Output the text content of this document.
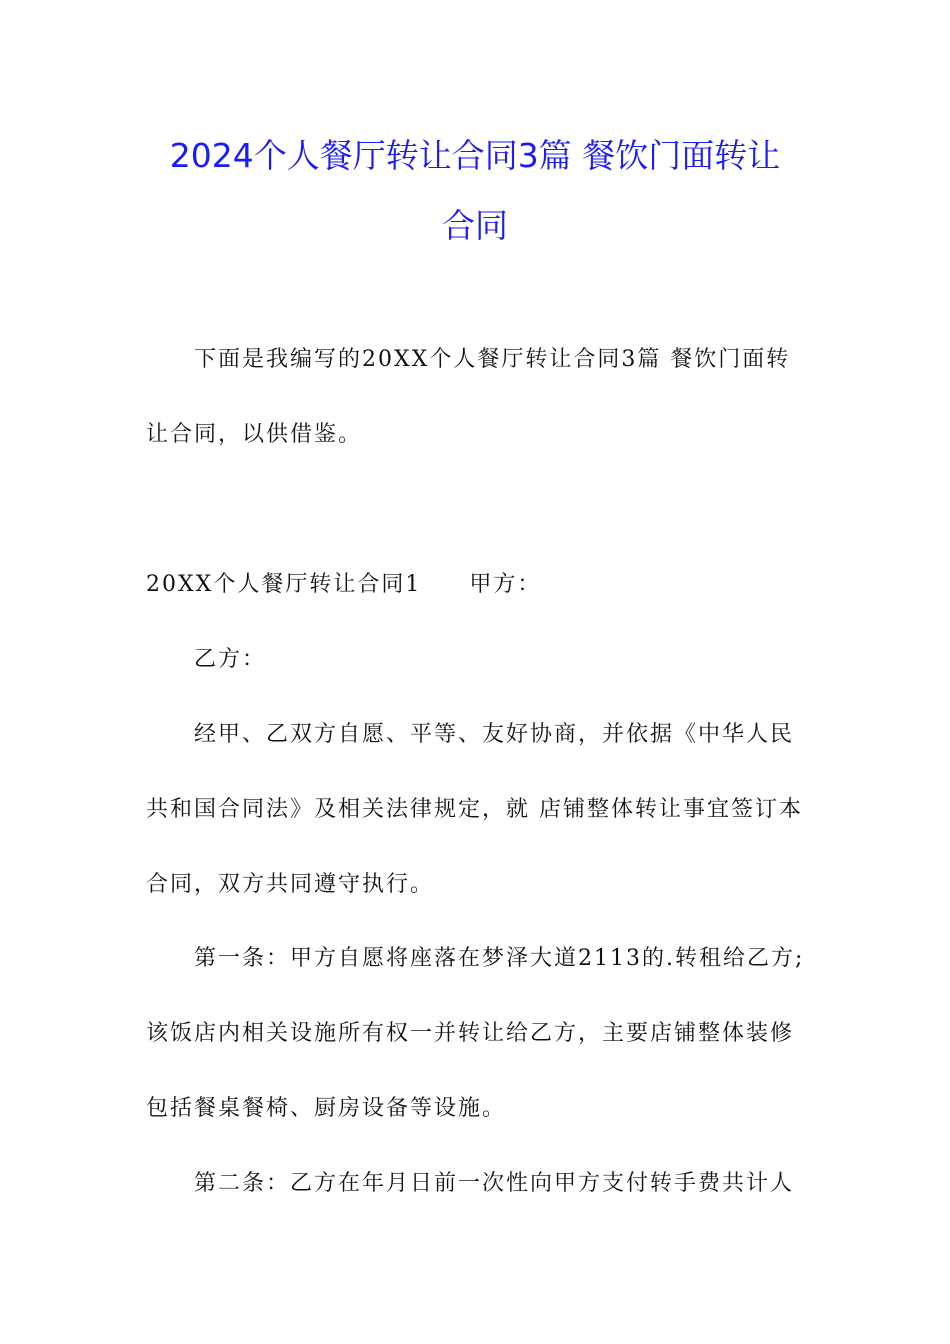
2024个人餐厅转让合同3篇 餐饮门面转让
合同

下面是我编写的20XX个人餐厅转让合同3篇 餐饮门面转

让合同，以供借鉴。

20XX个人餐厅转让合同1　　甲方：

乙方：

经甲、乙双方自愿、平等、友好协商，并依据《中华人民

共和国合同法》及相关法律规定，就 店铺整体转让事宜签订本

合同，双方共同遵守执行。

第一条：甲方自愿将座落在梦泽大道2113的.转租给乙方;

该饭店内相关设施所有权一并转让给乙方，主要店铺整体装修

包括餐桌餐椅、厨房设备等设施。

第二条：乙方在年月日前一次性向甲方支付转手费共计人
